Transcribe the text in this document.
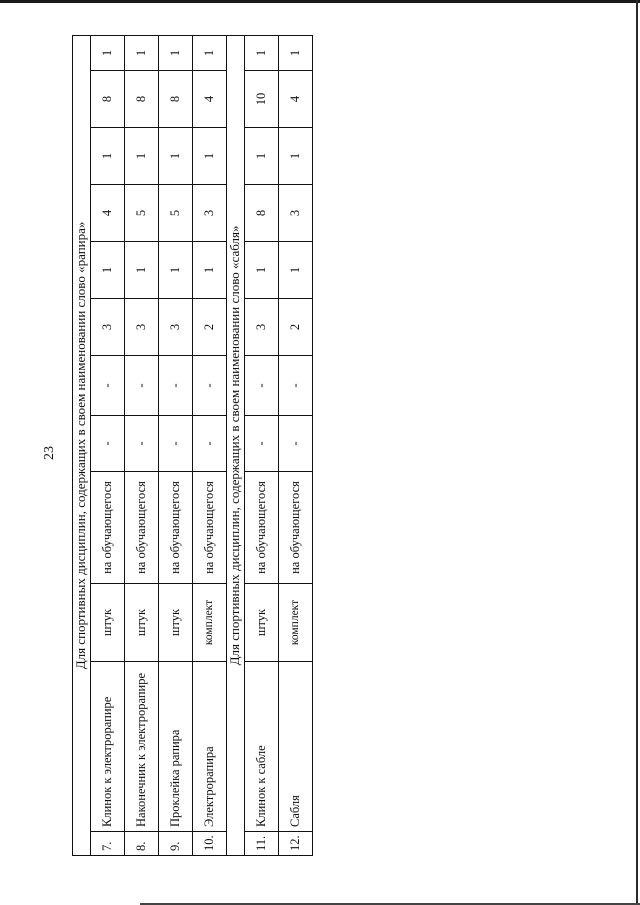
23 Для спортивных дисциплин, содержащих в своем наименовании слово «рапира»											
7.	Клинок к электрорапире	штук	на обучающегося	-	-	3	1	4	1	8	1
8.	Наконечник к электрорапире	штук	на обучающегося	-	-	3	1	5	1	8	1
9.	Проклейка рапира	штук	на обучающегося	-	-	3	1	5	1	8	1
10.	Электрорапира	комплект	на обучающегося	-	-	2	1	3	1	4	1
Для спортивных дисциплин, содержащих в своем наименовании слово «сабля»											
11.	Клинок к сабле	штук	на обучающегося	-	-	3	1	8	1	10	1
12.	Сабля	комплект	на обучающегося	-	-	2	1	3	1	4	1
